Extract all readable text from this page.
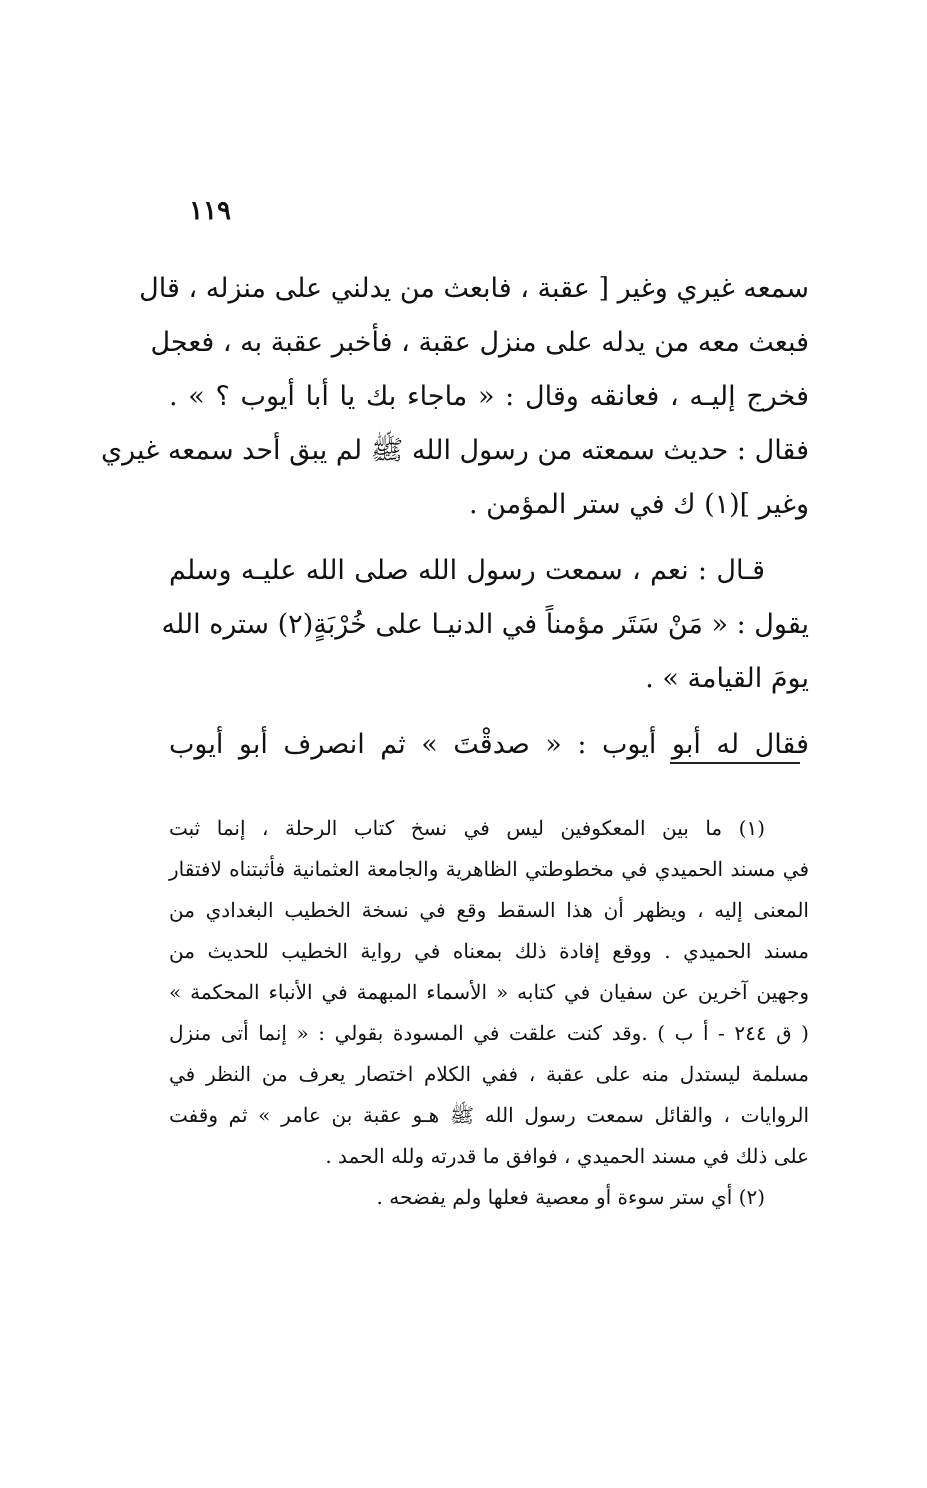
١١٩
سمعه غيري وغير [ عقبة ، فابعث من يدلني على منزله ، قال
فبعث معه من يدله على منزل عقبة ، فأخبر عقبة به ، فعجل
فخرج إليـه ، فعانقه وقال : « ماجاء بك يا أبا أيوب ؟ » .
فقال : حديث سمعته من رسول الله ﷺ لم يبق أحد سمعه غيري
وغير ](١) ك في ستر المؤمن .
قـال : نعم ، سمعت رسول الله صلى الله عليـه وسلم
يقول : « مَنْ سَتَر مؤمناً في الدنيـا على خُرْبَةٍ(٢) ستره الله
يومَ القيامة » .
فقال له أبو أيوب : « صدقْتَ » ثم انصرف أبو أيوب
(١) ما بين المعكوفين ليس في نسخ كتاب الرحلة ، إنما ثبت
في مسند الحميدي في مخطوطتي الظاهرية والجامعة العثمانية فأثبتناه لافتقار
المعنى إليه ، ويظهر أن هذا السقط وقع في نسخة الخطيب البغدادي من
مسند الحميدي . ووقع إفادة ذلك بمعناه في رواية الخطيب للحديث من
وجهين آخرين عن سفيان في كتابه « الأسماء المبهمة في الأنباء المحكمة »
( ق ٢٤٤ - أ ب ) .وقد كنت علقت في المسودة بقولي : « إنما أتى منزل
مسلمة ليستدل منه على عقبة ، ففي الكلام اختصار يعرف من النظر في
الروايات ، والقائل سمعت رسول الله ﷺ هـو عقبة بن عامر » ثم وقفت
على ذلك في مسند الحميدي ، فوافق ما قدرته ولله الحمد .
(٢) أي ستر سوءة أو معصية فعلها ولم يفضحه .
